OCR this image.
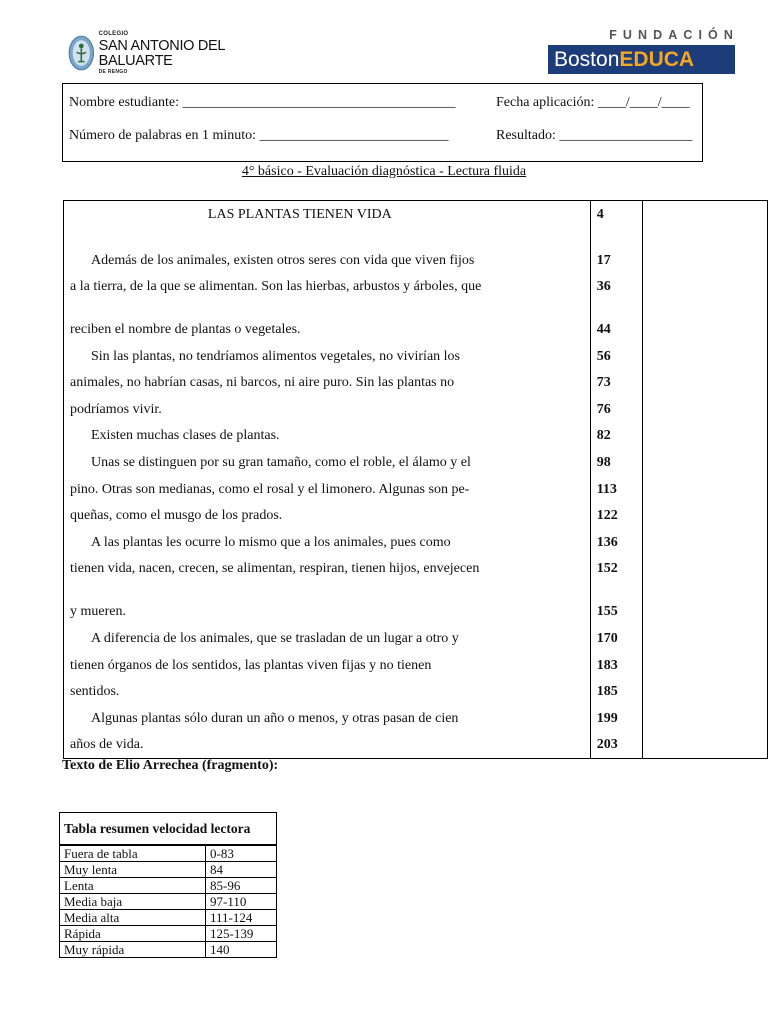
COLEGIO
SAN ANTONIO DEL BALUARTE
DE RENGO
FUNDACIÓN
Boston EDUCA
Nombre estudiante: _______________________________________	Fecha aplicación: ____/____/____
Número de palabras en 1 minuto: ___________________________	Resultado: ___________________
4° básico - Evaluación diagnóstica - Lectura fluida
LAS PLANTAS TIENEN VIDA	4	
Además de los animales, existen otros seres con vida que viven fijos	17	
a la tierra, de la que se alimentan. Son las hierbas, arbustos y árboles, que	36	
reciben el nombre de plantas o vegetales.	44	
Sin las plantas, no tendríamos alimentos vegetales, no vivirían los	56	
animales, no habrían casas, ni barcos, ni aire puro. Sin las plantas no	73	
podríamos vivir.	76	
Existen muchas clases de plantas.	82	
Unas se distinguen por su gran tamaño, como el roble, el álamo y el	98	
pino. Otras son medianas, como el rosal y el limonero. Algunas son pe-	113	
queñas, como el musgo de los prados.	122	
A las plantas les ocurre lo mismo que a los animales, pues como	136	
tienen vida, nacen, crecen, se alimentan, respiran, tienen hijos, envejecen	152	
y mueren.	155	
A diferencia de los animales, que se trasladan de un lugar a otro y	170	
tienen órganos de los sentidos, las plantas viven fijas y no tienen	183	
sentidos.	185	
Algunas plantas sólo duran un año o menos, y otras pasan de cien	199	
años de vida.	203	
Texto de Elio Arrechea (fragmento):
Tabla resumen velocidad lectora	
Fuera de tabla	0-83
Muy lenta	84
Lenta	85-96
Media baja	97-110
Media alta	111-124
Rápida	125-139
Muy rápida	140
